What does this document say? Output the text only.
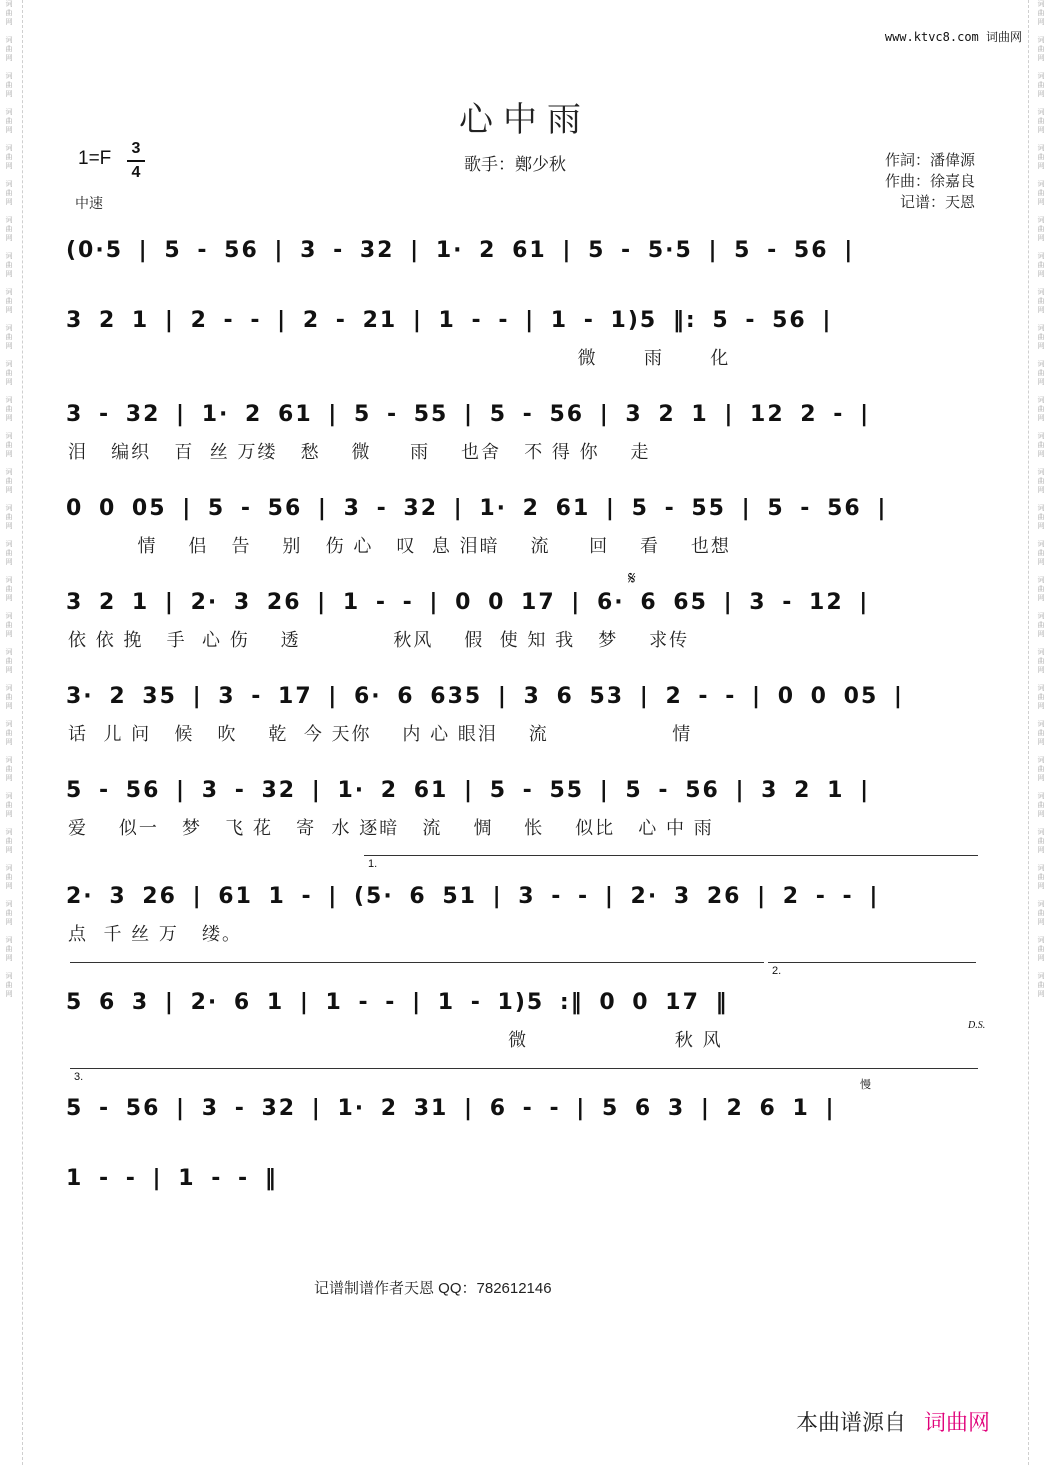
词
曲
网

词
曲
网

词
曲
网

词
曲
网

词
曲
网

词
曲
网

词
曲
网

词
曲
网

词
曲
网

词
曲
网

词
曲
网

词
曲
网

词
曲
网

词
曲
网

词
曲
网

词
曲
网

词
曲
网

词
曲
网

词
曲
网

词
曲
网

词
曲
网

词
曲
网

词
曲
网

词
曲
网

词
曲
网

词
曲
网

词
曲
网

词
曲
网
词
曲
网

词
曲
网

词
曲
网

词
曲
网

词
曲
网

词
曲
网

词
曲
网

词
曲
网

词
曲
网

词
曲
网

词
曲
网

词
曲
网

词
曲
网

词
曲
网

词
曲
网

词
曲
网

词
曲
网

词
曲
网

词
曲
网

词
曲
网

词
曲
网

词
曲
网

词
曲
网

词
曲
网

词
曲
网

词
曲
网

词
曲
网

词
曲
网
www.ktvc8.com 词曲网
心中雨
歌手：鄭少秋	作詞：潘偉源
作曲：徐嘉良
记谱：天恩
1=F 3
4
中速
(0·5 | 5 - 56 | 3 - 32 | 1· 2 61 | 5 - 5·5 | 5 - 56 |
3 2 1 | 2 - - | 2 - 21 | 1 - - | 1 - 1)5 ‖: 5 - 56 |
微      雨      化
3 - 32 | 1· 2 61 | 5 - 55 | 5 - 56 | 3 2 1 | 12 2 - |
泪   编织   百  丝 万缕   愁    微     雨    也舍   不 得 你    走
0 0 05 | 5 - 56 | 3 - 32 | 1· 2 61 | 5 - 55 | 5 - 56 |
情    侣   告    别   伤 心   叹  息 泪暗    流     回    看    也想
3 2 1 | 2· 3 26 | 1 - - | 0 0 17 | 6· 6 65 | 3 - 12 |
依 依 挽   手  心 伤    透            秋风    假  使 知 我   梦    求传
3· 2 35 | 3 - 17 | 6· 6 635 | 3 6 53 | 2 - - | 0 0 05 |
话  儿 问   候   吹    乾  今 天你    内 心 眼泪    流                情
5 - 56 | 3 - 32 | 1· 2 61 | 5 - 55 | 5 - 56 | 3 2 1 |
爱    似一   梦   飞 花   寄  水 逐暗   流    惆    怅    似比   心 中 雨
2· 3 26 | 61 1 - | (5· 6 51 | 3 - - | 2· 3 26 | 2 - - |
点  千 丝 万   缕。
5 6 3 | 2· 6 1 | 1 - - | 1 - 1)5 :‖ 0 0 17 ‖
微                   秋 风
5 - 56 | 3 - 32 | 1· 2 31 | 6 - - | 5 6 3 | 2 6 1 |
1 - - | 1 - - ‖
1.
2.
3.
D.S.
𝄋
慢
记谱制谱作者天恩 QQ：782612146
本曲谱源自 词曲网
